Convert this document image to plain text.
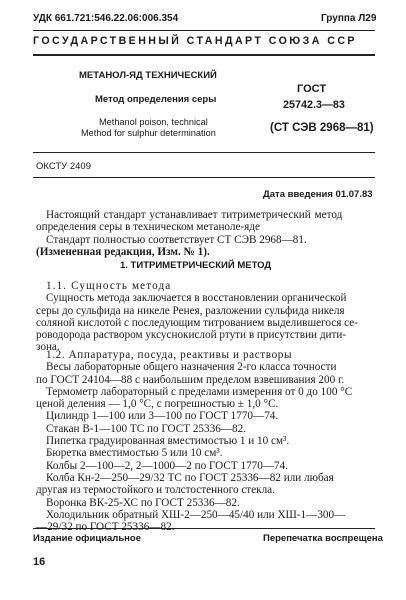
УДК 661.721:546.22.06:006.354	Группа Л29
ГОСУДАРСТВЕННЫЙ СТАНДАРТ СОЮЗА ССР
МЕТАНОЛ-ЯД ТЕХНИЧЕСКИЙ
Метод определения серы
Methanol poison, technical
Method for sulphur determination
ГОСТ
25742.3—83
(СТ СЭВ 2968—81)
ОКСТУ 2409
Дата введения 01.07.83
Настоящий стандарт устанавливает титриметрический метод
определения серы в техническом метаноле-яде
Стандарт полностью соответствует СТ СЭВ 2968—81.
(Измененная редакция, Изм. № 1).
1. ТИТРИМЕТРИЧЕСКИЙ МЕТОД
1.1. Сущность метода
Сущность метода заключается в восстановлении органической
серы до сульфида на никеле Ренея, разложении сульфида никеля
соляной кислотой с последующим титрованием выделившегося се-
роводорода раствором уксуснокислой ртути в присутствии дити-
зона.
1.2. Аппаратура, посуда, реактивы и растворы
Весы лабораторные общего назначения 2-го класса точности
по ГОСТ 24104—88 с наибольшим пределом взвешивания 200 г.
Термометр лабораторный с пределами измерения от 0 до 100 °С
ценой деления — 1,0 °С, с погрешностью ± 1,0 °С.
Цилиндр 1—100 или 3—100 по ГОСТ 1770—74.
Стакан В-1—100 ТС по ГОСТ 25336—82.
Пипетка градуированная вместимостью 1 и 10 см³.
Бюретка вместимостью 5 или 10 см³.
Колбы 2—100—2, 2—1000—2 по ГОСТ 1770—74.
Колба Кн-2—250—29/32 ТС по ГОСТ 25336—82 или любая
другая из термостойкого и толстостенного стекла.
Воронка ВК-25-ХС по ГОСТ 25336—82.
Холодильник обратный ХШ-2—250—45/40 или ХШ-1—300—
—29/32 по ГОСТ 25336—82.
Издание официальное	Перепечатка воспрещена
16
